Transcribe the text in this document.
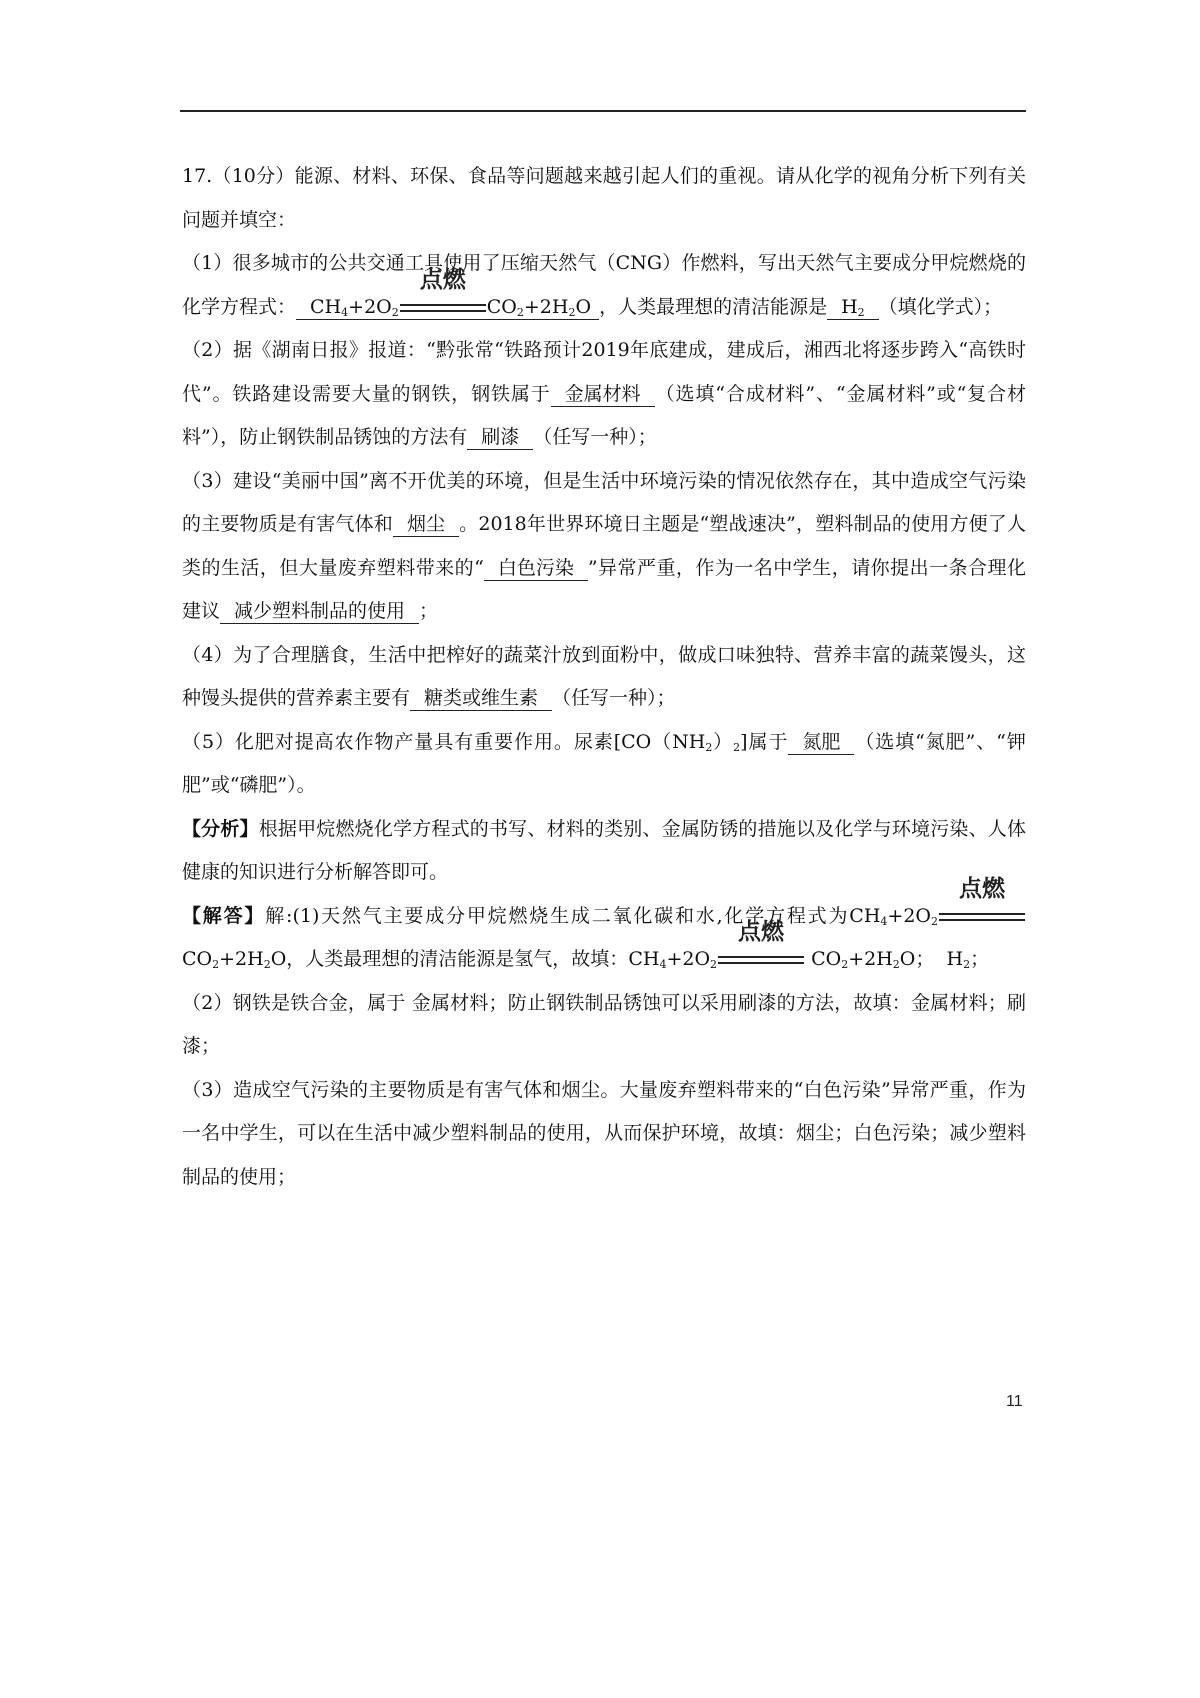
17.（10分）能源、材料、环保、食品等问题越来越引起人们的重视。请从化学的视角分析下列有关问题并填空：

（1）很多城市的公共交通工具使用了压缩天然气（CNG）作燃料，写出天然气主要成分甲烷燃烧的化学方程式： $CH_4+2O_2$
点燃
$CO_2+2H_2O$ ，人类最理想的清洁能源是 $H_2$ （填化学式）；

（2）据《湖南日报》报道：“黔张常“铁路预计2019年底建成，建成后，湘西北将逐步跨入“高铁时代”。铁路建设需要大量的钢铁，钢铁属于 金属材料 （选填“合成材料”、“金属材料”或“复合材料”），防止钢铁制品锈蚀的方法有 刷漆 （任写一种）；

（3）建设“美丽中国”离不开优美的环境，但是生活中环境污染的情况依然存在，其中造成空气污染的主要物质是有害气体和 烟尘 。2018年世界环境日主题是“塑战速决”，塑料制品的使用方便了人类的生活，但大量废弃塑料带来的“ 白色污染 ”异常严重，作为一名中学生，请你提出一条合理化建议 减少塑料制品的使用 ；

（4）为了合理膳食，生活中把榨好的蔬菜汁放到面粉中，做成口味独特、营养丰富的蔬菜馒头，这种馒头提供的营养素主要有 糖类或维生素 （任写一种）；

（5）化肥对提高农作物产量具有重要作用。尿素$[CO(NH_2)_2]$属于 氮肥 （选填“氮肥”、“钾肥”或“磷肥”）。

【分析】根据甲烷燃烧化学方程式的书写、材料的类别、金属防锈的措施以及化学与环境污染、人体健康的知识进行分析解答即可。

【解答】解:(1)天然气主要成分甲烷燃烧生成二氧化碳和水,化学方程式为$CH_4+2O_2$
点燃
$CO_2+2H_2O$，人类最理想的清洁能源是氢气，故填：$CH_4+2O_2$
点燃
$CO_2+2H_2O$； $H_2$；

（2）钢铁是铁合金，属于 金属材料；防止钢铁制品锈蚀可以采用刷漆的方法，故填：金属材料；刷漆；

（3）造成空气污染的主要物质是有害气体和烟尘。大量废弃塑料带来的“白色污染”异常严重，作为一名中学生，可以在生活中减少塑料制品的使用，从而保护环境，故填：烟尘；白色污染；减少塑料制品的使用；

11
